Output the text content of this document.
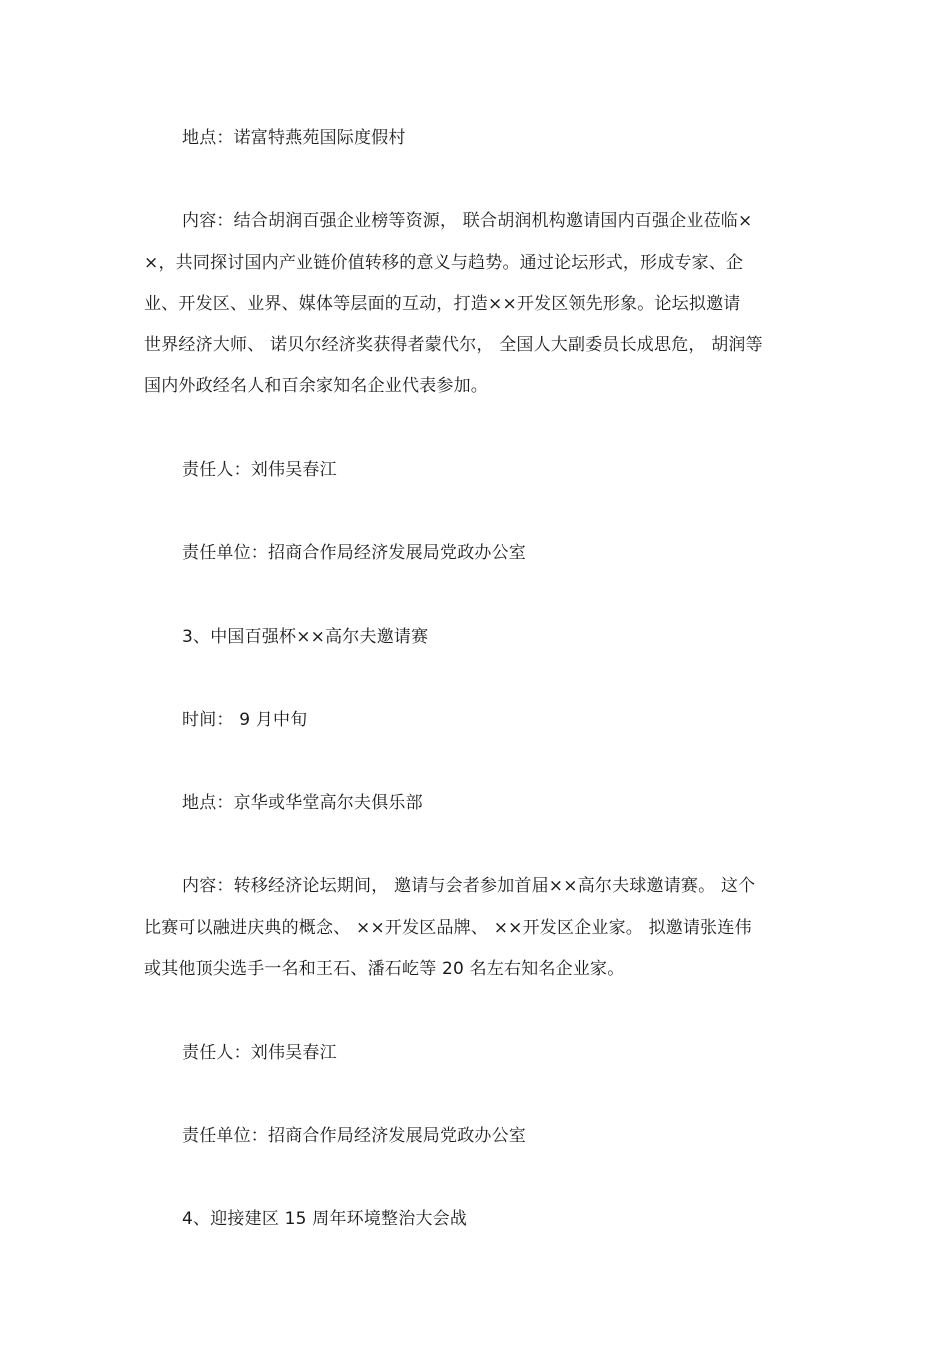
地点：诺富特燕苑国际度假村
内容：结合胡润百强企业榜等资源， 联合胡润机构邀请国内百强企业莅临×
×，共同探讨国内产业链价值转移的意义与趋势。通过论坛形式，形成专家、企
业、开发区、业界、媒体等层面的互动，打造××开发区领先形象。论坛拟邀请
世界经济大师、 诺贝尔经济奖获得者蒙代尔， 全国人大副委员长成思危， 胡润等
国内外政经名人和百余家知名企业代表参加。
责任人：刘伟吴春江
责任单位：招商合作局经济发展局党政办公室
3、中国百强杯××高尔夫邀请赛
时间： 9 月中旬
地点：京华或华堂高尔夫俱乐部
内容：转移经济论坛期间， 邀请与会者参加首届××高尔夫球邀请赛。 这个
比赛可以融进庆典的概念、 ××开发区品牌、 ××开发区企业家。 拟邀请张连伟
或其他顶尖选手一名和王石、潘石屹等 20 名左右知名企业家。
责任人：刘伟吴春江
责任单位：招商合作局经济发展局党政办公室
4、迎接建区 15 周年环境整治大会战
